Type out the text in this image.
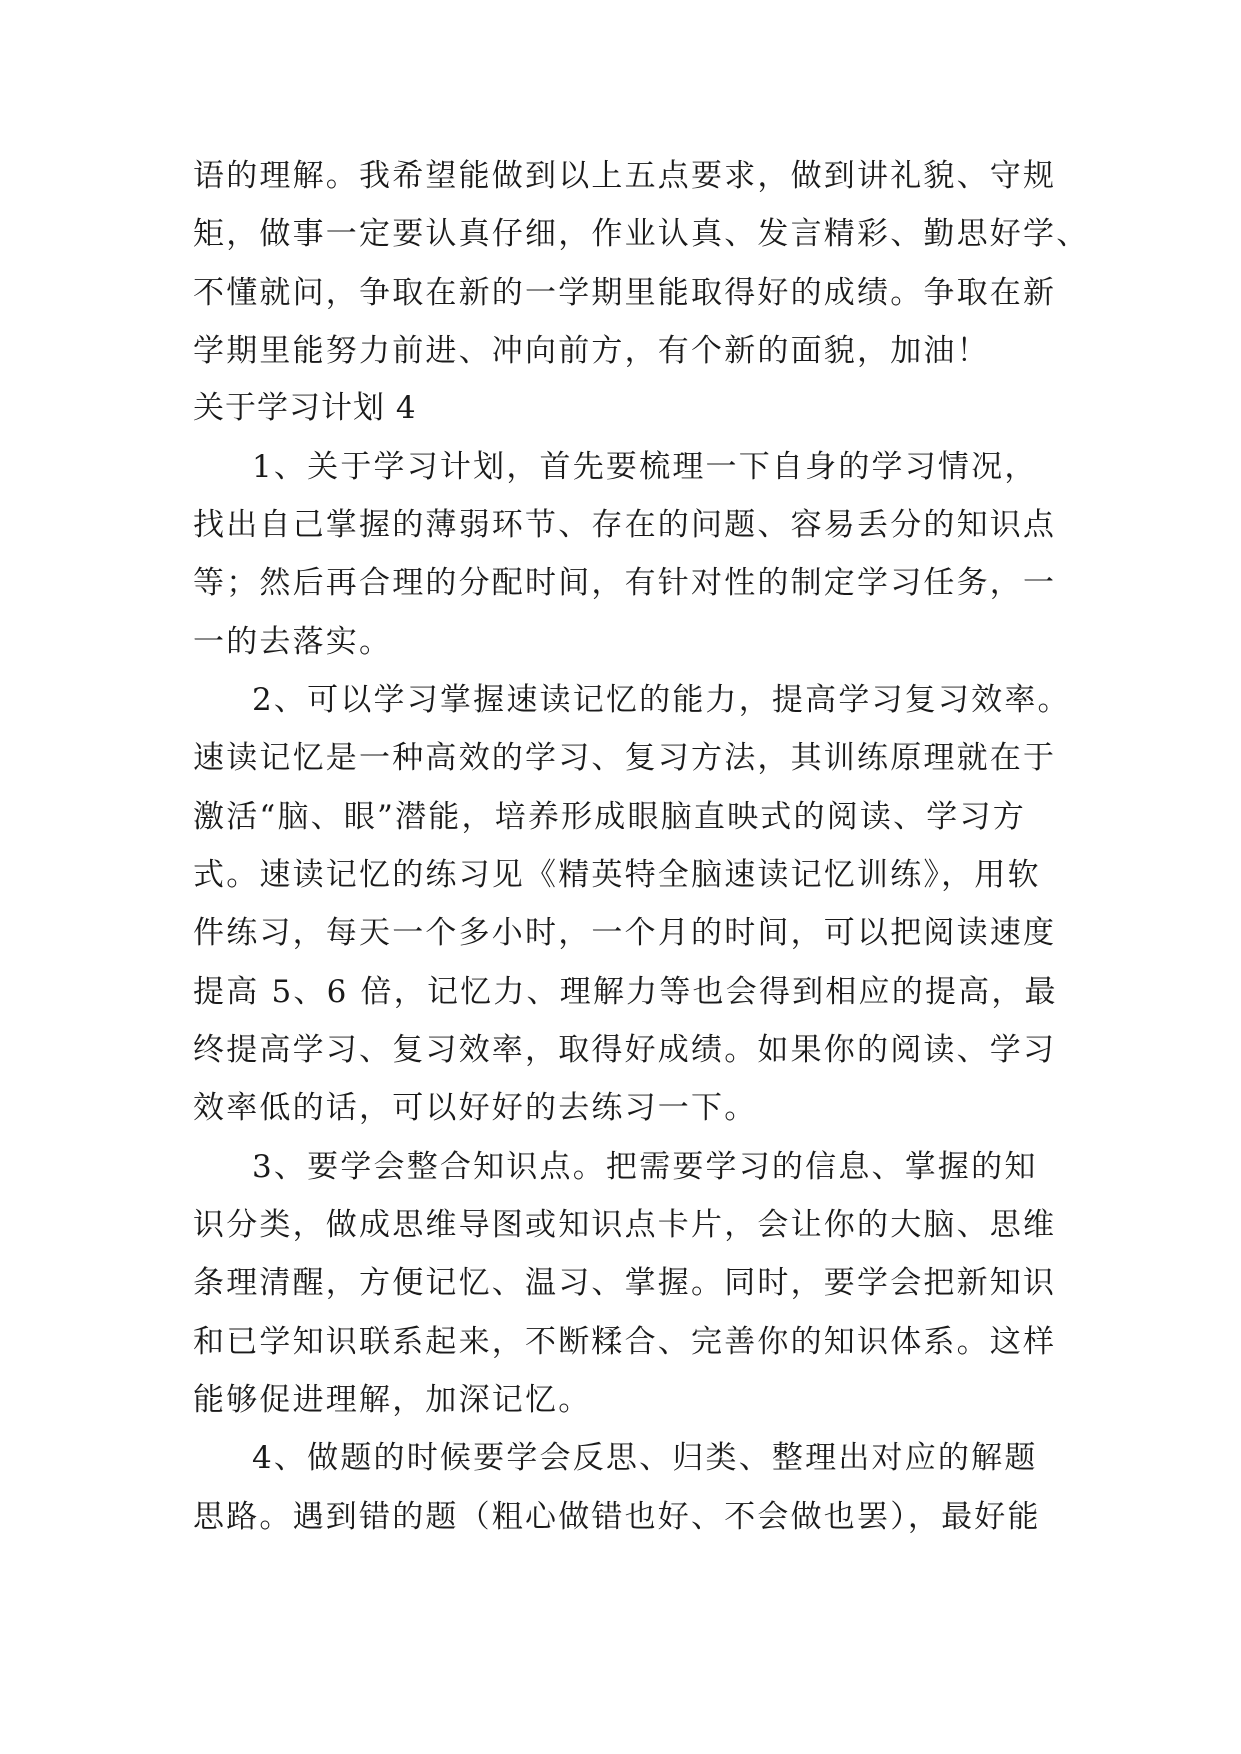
语的理解。我希望能做到以上五点要求，做到讲礼貌、守规
矩，做事一定要认真仔细，作业认真、发言精彩、勤思好学、
不懂就问，争取在新的一学期里能取得好的成绩。争取在新
学期里能努力前进、冲向前方，有个新的面貌，加油！
关于学习计划 4
1、关于学习计划，首先要梳理一下自身的学习情况，
找出自己掌握的薄弱环节、存在的问题、容易丢分的知识点
等；然后再合理的分配时间，有针对性的制定学习任务，一
一的去落实。
2、可以学习掌握速读记忆的能力，提高学习复习效率。
速读记忆是一种高效的学习、复习方法，其训练原理就在于
激活“脑、眼”潜能，培养形成眼脑直映式的阅读、学习方
式。速读记忆的练习见《精英特全脑速读记忆训练》，用软
件练习，每天一个多小时，一个月的时间，可以把阅读速度
提高 5、6 倍，记忆力、理解力等也会得到相应的提高，最
终提高学习、复习效率，取得好成绩。如果你的阅读、学习
效率低的话，可以好好的去练习一下。
3、要学会整合知识点。把需要学习的信息、掌握的知
识分类，做成思维导图或知识点卡片，会让你的大脑、思维
条理清醒，方便记忆、温习、掌握。同时，要学会把新知识
和已学知识联系起来，不断糅合、完善你的知识体系。这样
能够促进理解，加深记忆。
4、做题的时候要学会反思、归类、整理出对应的解题
思路。遇到错的题（粗心做错也好、不会做也罢），最好能
